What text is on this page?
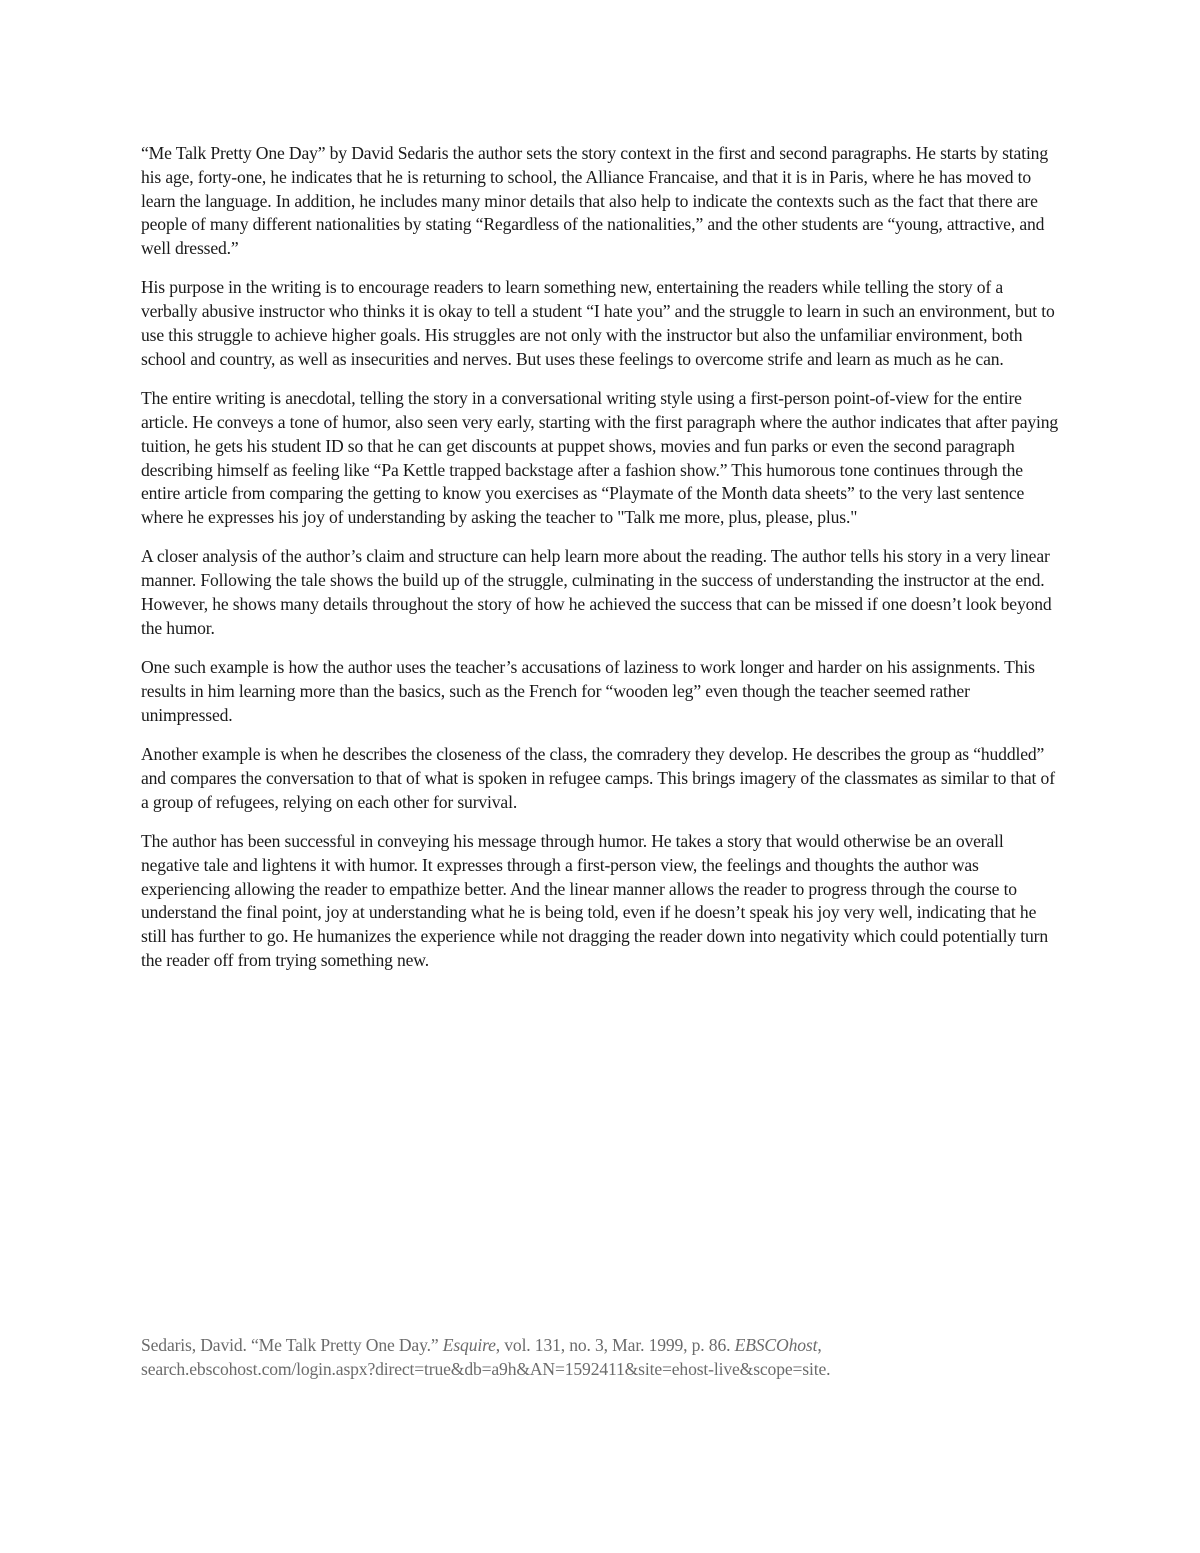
“Me Talk Pretty One Day” by David Sedaris the author sets the story context in the first and second paragraphs. He starts by stating his age, forty-one, he indicates that he is returning to school, the Alliance Francaise, and that it is in Paris, where he has moved to learn the language. In addition, he includes many minor details that also help to indicate the contexts such as the fact that there are people of many different nationalities by stating “Regardless of the nationalities,” and the other students are “young, attractive, and well dressed.”

His purpose in the writing is to encourage readers to learn something new, entertaining the readers while telling the story of a verbally abusive instructor who thinks it is okay to tell a student “I hate you” and the struggle to learn in such an environment, but to use this struggle to achieve higher goals. His struggles are not only with the instructor but also the unfamiliar environment, both school and country, as well as insecurities and nerves. But uses these feelings to overcome strife and learn as much as he can.

The entire writing is anecdotal, telling the story in a conversational writing style using a first-person point-of-view for the entire article. He conveys a tone of humor, also seen very early, starting with the first paragraph where the author indicates that after paying tuition, he gets his student ID so that he can get discounts at puppet shows, movies and fun parks or even the second paragraph describing himself as feeling like “Pa Kettle trapped backstage after a fashion show.” This humorous tone continues through the entire article from comparing the getting to know you exercises as “Playmate of the Month data sheets” to the very last sentence where he expresses his joy of understanding by asking the teacher to "Talk me more, plus, please, plus."

A closer analysis of the author’s claim and structure can help learn more about the reading. The author tells his story in a very linear manner. Following the tale shows the build up of the struggle, culminating in the success of understanding the instructor at the end. However, he shows many details throughout the story of how he achieved the success that can be missed if one doesn’t look beyond the humor.

One such example is how the author uses the teacher’s accusations of laziness to work longer and harder on his assignments. This results in him learning more than the basics, such as the French for “wooden leg” even though the teacher seemed rather unimpressed.

Another example is when he describes the closeness of the class, the comradery they develop. He describes the group as “huddled” and compares the conversation to that of what is spoken in refugee camps. This brings imagery of the classmates as similar to that of a group of refugees, relying on each other for survival.

The author has been successful in conveying his message through humor. He takes a story that would otherwise be an overall negative tale and lightens it with humor. It expresses through a first-person view, the feelings and thoughts the author was experiencing allowing the reader to empathize better. And the linear manner allows the reader to progress through the course to understand the final point, joy at understanding what he is being told, even if he doesn’t speak his joy very well, indicating that he still has further to go. He humanizes the experience while not dragging the reader down into negativity which could potentially turn the reader off from trying something new.

Sedaris, David. “Me Talk Pretty One Day.” Esquire, vol. 131, no. 3, Mar. 1999, p. 86. EBSCOhost,
search.ebscohost.com/login.aspx?direct=true&db=a9h&AN=1592411&site=ehost-live&scope=site.
